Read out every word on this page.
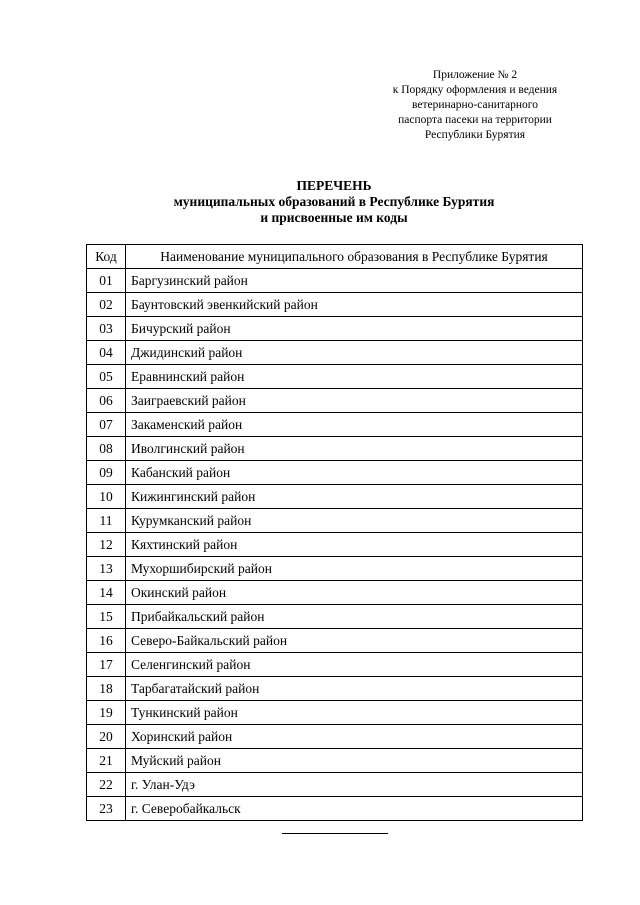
Приложение № 2
к Порядку оформления и ведения
ветеринарно-санитарного
паспорта пасеки на территории
Республики Бурятия
ПЕРЕЧЕНЬ
муниципальных образований в Республике Бурятия
и присвоенные им коды
Код	Наименование муниципального образования в Республике Бурятия
01	Баргузинский район
02	Баунтовский эвенкийский район
03	Бичурский район
04	Джидинский район
05	Еравнинский район
06	Заиграевский район
07	Закаменский район
08	Иволгинский район
09	Кабанский район
10	Кижингинский район
11	Курумканский район
12	Кяхтинский район
13	Мухоршибирский район
14	Окинский район
15	Прибайкальский район
16	Северо-Байкальский район
17	Селенгинский район
18	Тарбагатайский район
19	Тункинский район
20	Хоринский район
21	Муйский район
22	г. Улан-Удэ
23	г. Северобайкальск
